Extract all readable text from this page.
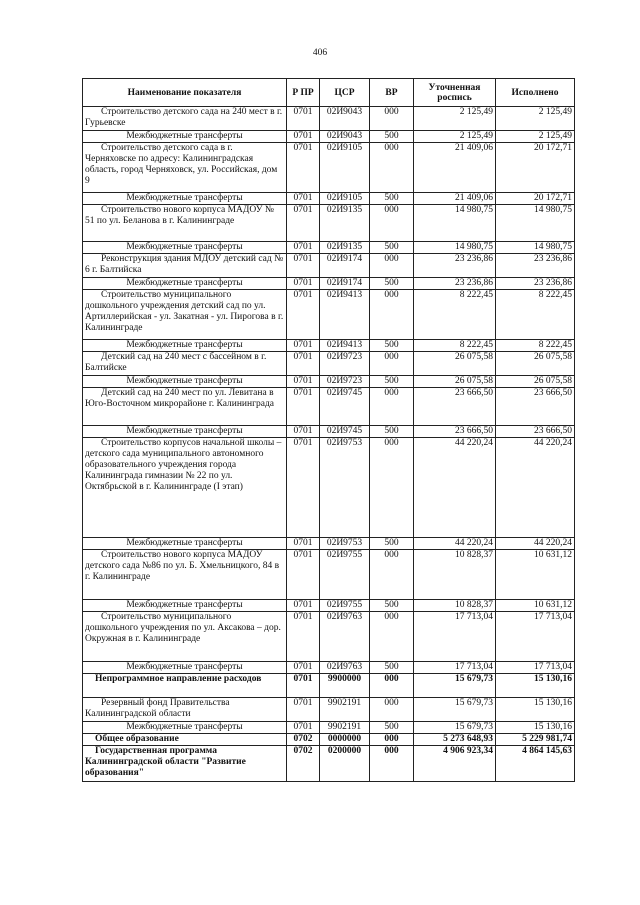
406
Наименование показателя	Р ПР	ЦСР	ВР	Уточненная роспись	Исполнено
Строительство детского сада на 240 мест в г. Гурьевске	0701	02И9043	000	2 125,49	2 125,49
Межбюджетные трансферты	0701	02И9043	500	2 125,49	2 125,49
Строительство детского сада в г. Черняховске по адресу: Калининградская область, город Черняховск, ул. Российская, дом 9	0701	02И9105	000	21 409,06	20 172,71
Межбюджетные трансферты	0701	02И9105	500	21 409,06	20 172,71
Строительство нового корпуса МАДОУ № 51 по ул. Беланова в г. Калининграде	0701	02И9135	000	14 980,75	14 980,75
Межбюджетные трансферты	0701	02И9135	500	14 980,75	14 980,75
Реконструкция здания МДОУ детский сад № 6 г. Балтийска	0701	02И9174	000	23 236,86	23 236,86
Межбюджетные трансферты	0701	02И9174	500	23 236,86	23 236,86
Строительство муниципального дошкольного учреждения детский сад по ул. Артиллерийская - ул. Закатная - ул. Пирогова в г. Калининграде	0701	02И9413	000	8 222,45	8 222,45
Межбюджетные трансферты	0701	02И9413	500	8 222,45	8 222,45
Детский сад на 240 мест с бассейном в г. Балтийске	0701	02И9723	000	26 075,58	26 075,58
Межбюджетные трансферты	0701	02И9723	500	26 075,58	26 075,58
Детский сад на 240 мест по ул. Левитана в Юго-Восточном микрорайоне г. Калининграда	0701	02И9745	000	23 666,50	23 666,50
Межбюджетные трансферты	0701	02И9745	500	23 666,50	23 666,50
Строительство корпусов начальной школы – детского сада муниципального автономного образовательного учреждения города Калининграда гимназии № 22 по ул. Октябрьской в г. Калининграде (I этап)	0701	02И9753	000	44 220,24	44 220,24
Межбюджетные трансферты	0701	02И9753	500	44 220,24	44 220,24
Строительство нового корпуса МАДОУ детского сада №86 по ул. Б. Хмельницкого, 84 в г. Калининграде	0701	02И9755	000	10 828,37	10 631,12
Межбюджетные трансферты	0701	02И9755	500	10 828,37	10 631,12
Строительство муниципального дошкольного учреждения по ул. Аксакова – дор. Окружная в г. Калининграде	0701	02И9763	000	17 713,04	17 713,04
Межбюджетные трансферты	0701	02И9763	500	17 713,04	17 713,04
Непрограммное направление расходов	0701	9900000	000	15 679,73	15 130,16
Резервный фонд Правительства Калининградской области	0701	9902191	000	15 679,73	15 130,16
Межбюджетные трансферты	0701	9902191	500	15 679,73	15 130,16
Общее образование	0702	0000000	000	5 273 648,93	5 229 981,74
Государственная программа Калининградской области "Развитие образования"	0702	0200000	000	4 906 923,34	4 864 145,63
